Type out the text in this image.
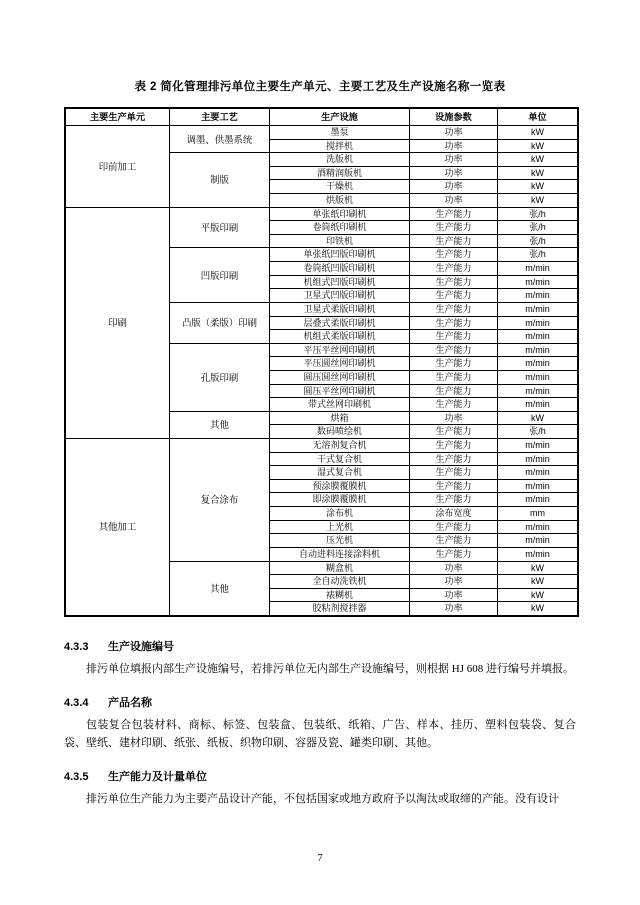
表 2 简化管理排污单位主要生产单元、主要工艺及生产设施名称一览表
主要生产单元	主要工艺	生产设施	设施参数	单位
印前加工	调墨、供墨系统	墨泵	功率	kW
		搅拌机	功率	kW
	制版	洗版机	功率	kW
		酒精润版机	功率	kW
		干燥机	功率	kW
		烘版机	功率	kW
印刷	平版印刷	单张纸印刷机	生产能力	张/h
		卷筒纸印刷机	生产能力	张/h
		印铁机	生产能力	张/h
	凹版印刷	单张纸凹版印刷机	生产能力	张/h
		卷筒纸凹版印刷机	生产能力	m/min
		机组式凹版印刷机	生产能力	m/min
		卫星式凹版印刷机	生产能力	m/min
	凸版（柔版）印刷	卫星式柔版印刷机	生产能力	m/min
		层叠式柔版印刷机	生产能力	m/min
		机组式柔版印刷机	生产能力	m/min
	孔版印刷	平压平丝网印刷机	生产能力	m/min
		平压圆丝网印刷机	生产能力	m/min
		圆压圆丝网印刷机	生产能力	m/min
		圆压平丝网印刷机	生产能力	m/min
		带式丝网印刷机	生产能力	m/min
	其他	烘箱	功率	kW
		数码喷绘机	生产能力	张/h
其他加工	复合涂布	无溶剂复合机	生产能力	m/min
		干式复合机	生产能力	m/min
		湿式复合机	生产能力	m/min
		预涂膜覆膜机	生产能力	m/min
		即涂膜覆膜机	生产能力	m/min
		涂布机	涂布宽度	mm
		上光机	生产能力	m/min
		压光机	生产能力	m/min
		自动进料连接涂料机	生产能力	m/min
	其他	糊盒机	功率	kW
		全自动洗铁机	功率	kW
		裱糊机	功率	kW
		胶粘剂搅拌器	功率	kW
4.3.3 生产设施编号
排污单位填报内部生产设施编号，若排污单位无内部生产设施编号，则根据 HJ 608 进行编号并填报。
4.3.4 产品名称
包装复合包装材料、商标、标签、包装盒、包装纸、纸箱、广告、样本、挂历、塑料包装袋、复合袋、壁纸、建材印刷、纸张、纸板、织物印刷、容器及瓷、罐类印刷、其他。
4.3.5 生产能力及计量单位
排污单位生产能力为主要产品设计产能，不包括国家或地方政府予以淘汰或取缔的产能。没有设计
7
